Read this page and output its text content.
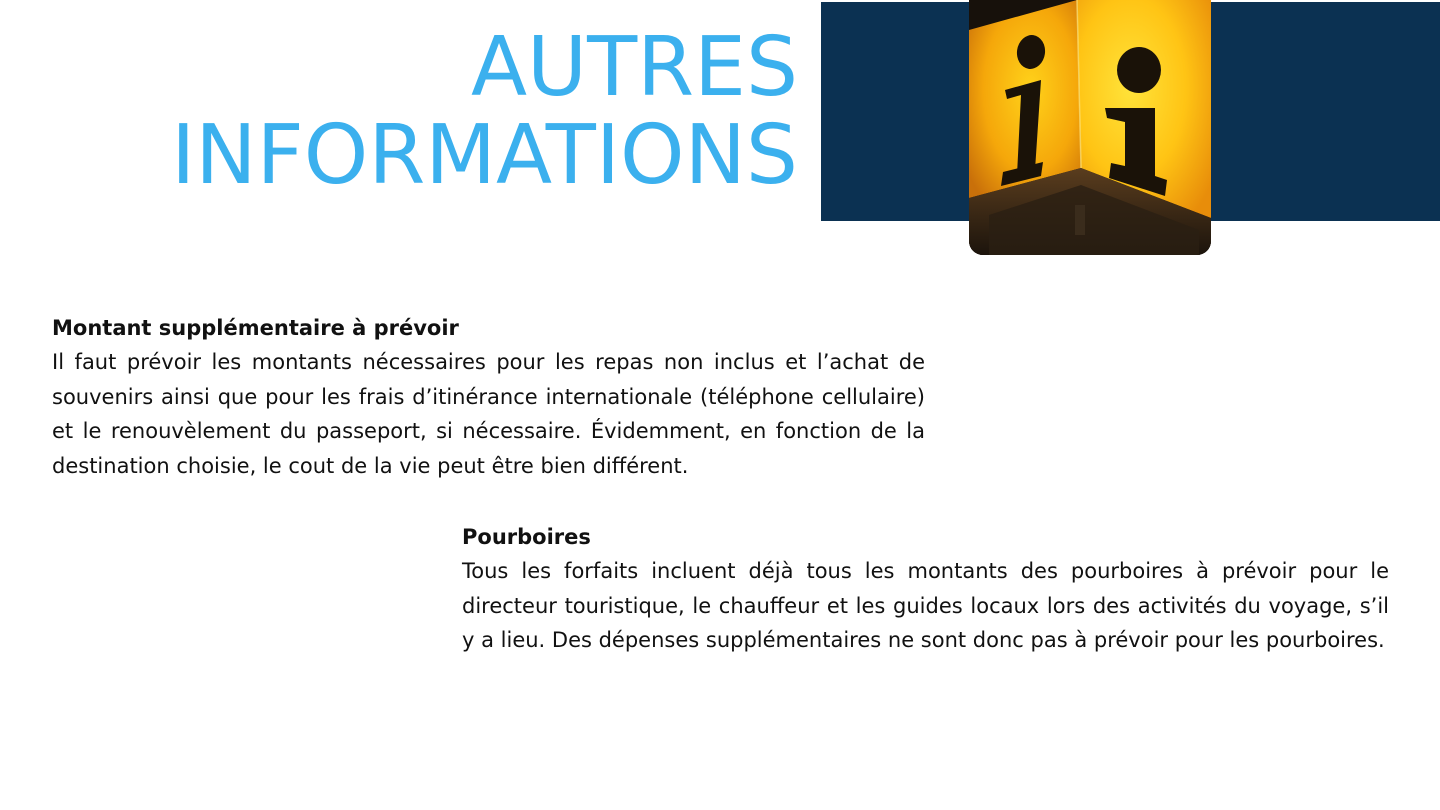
AUTRES
INFORMATIONS
Montant supplémentaire à prévoir

Il faut prévoir les montants nécessaires pour les repas non inclus et l’achat de souvenirs ainsi que pour les frais d’itinérance internationale (téléphone cellulaire) et le renouvèlement du passeport, si nécessaire. Évidemment, en fonction de la destination choisie, le cout de la vie peut être bien différent.

Pourboires

Tous les forfaits incluent déjà tous les montants des pourboires à prévoir pour le directeur touristique, le chauffeur et les guides locaux lors des activités du voyage, s’il y a lieu. Des dépenses supplémentaires ne sont donc pas à prévoir pour les pourboires.
